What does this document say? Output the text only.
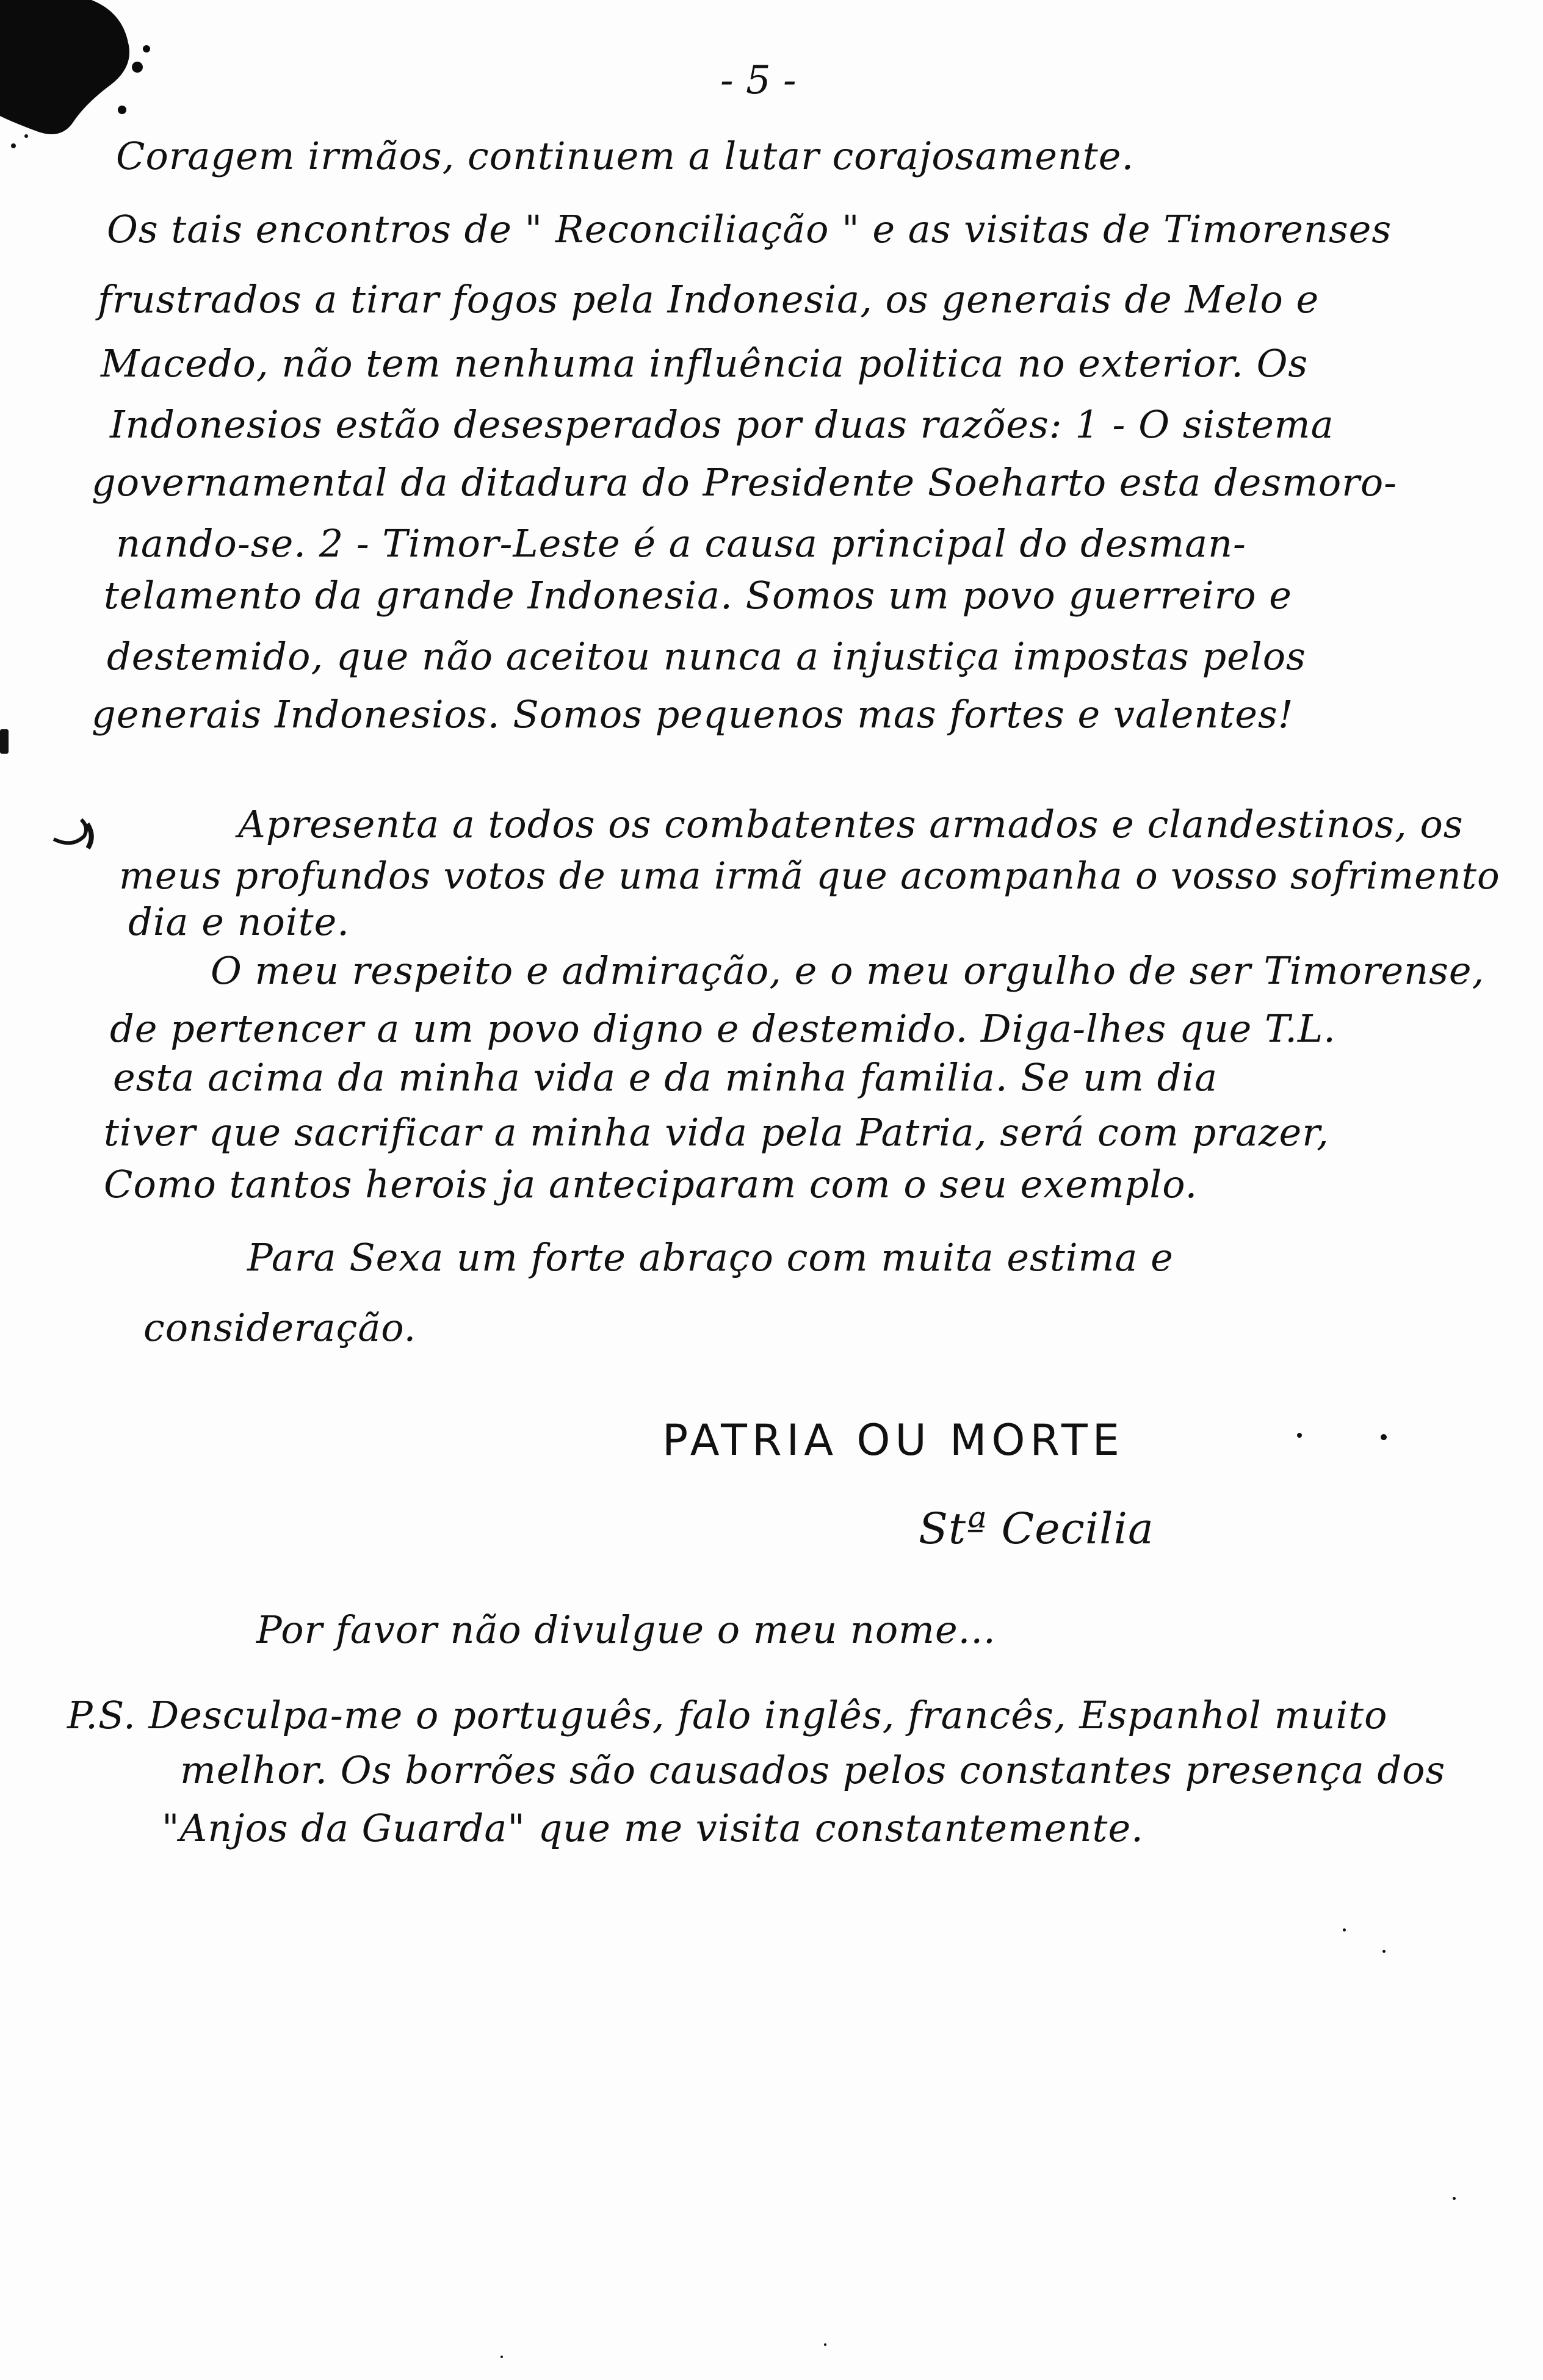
- 5 -
Coragem irmãos, continuem a lutar corajosamente.
Os tais encontros de " Reconciliação " e as visitas de Timorenses
frustrados a tirar fogos pela Indonesia, os generais de Melo e
Macedo, não tem nenhuma influência politica no exterior. Os
Indonesios estão desesperados por duas razões: 1 - O sistema
governamental da ditadura do Presidente Soeharto esta desmoro-
nando-se. 2 - Timor-Leste é a causa principal do desman-
telamento da grande Indonesia. Somos um povo guerreiro e
destemido, que não aceitou nunca a injustiça impostas pelos
generais Indonesios. Somos pequenos mas fortes e valentes!
Apresenta a todos os combatentes armados e clandestinos, os
meus profundos votos de uma irmã que acompanha o vosso sofrimento
dia e noite.
O meu respeito e admiração, e o meu orgulho de ser Timorense,
de pertencer a um povo digno e destemido. Diga-lhes que T.L.
esta acima da minha vida e da minha familia. Se um dia
tiver que sacrificar a minha vida pela Patria, será com prazer,
Como tantos herois ja anteciparam com o seu exemplo.
Para Sexa um forte abraço com muita estima e
consideração.
PATRIA OU MORTE
Stª Cecilia
Por favor não divulgue o meu nome...
P.S. Desculpa-me o português, falo inglês, francês, Espanhol muito
melhor. Os borrões são causados pelos constantes presença dos
"Anjos da Guarda" que me visita constantemente.
